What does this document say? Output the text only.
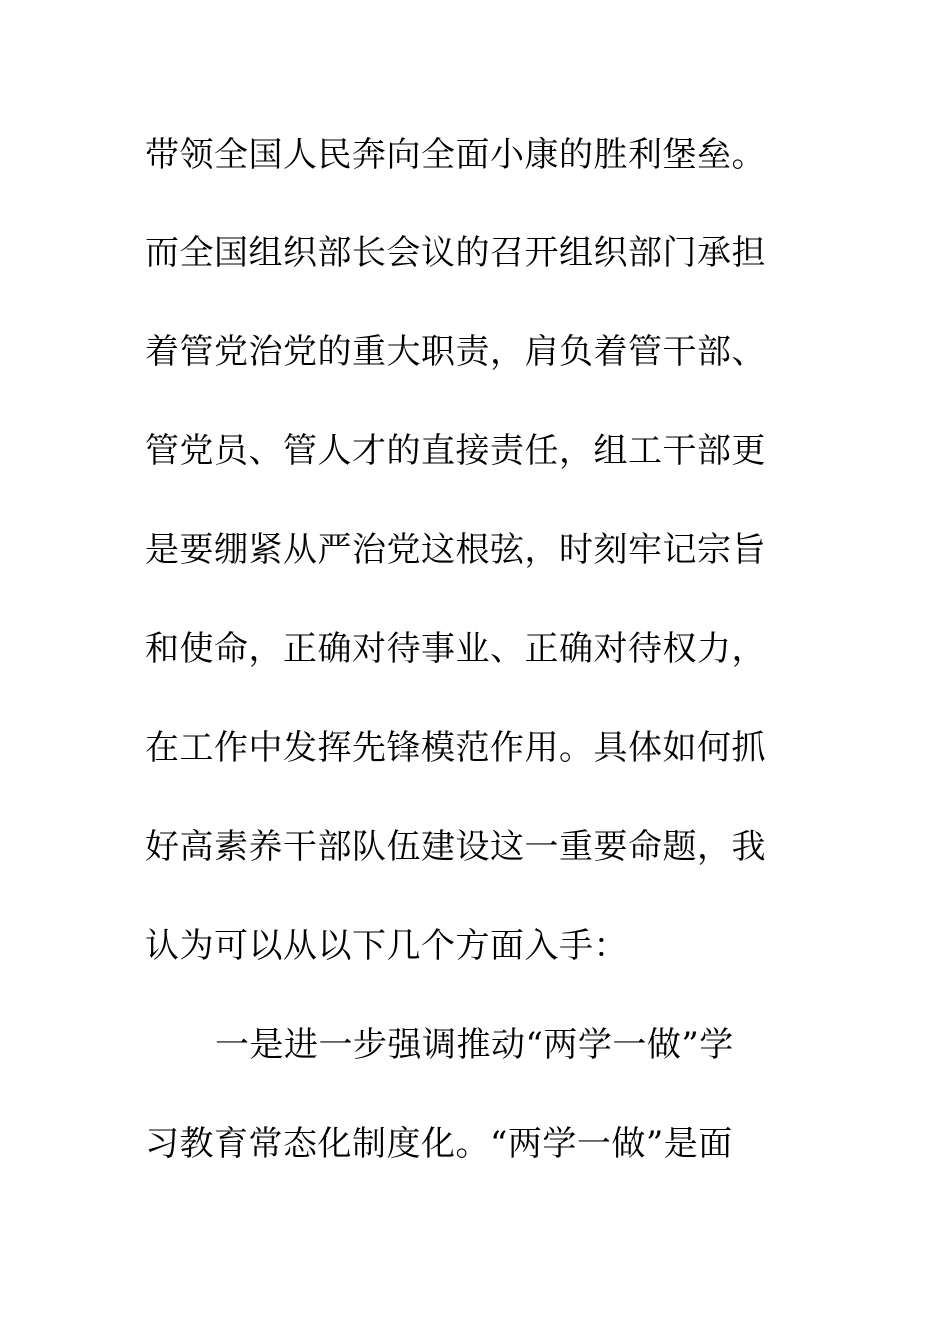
带领全国人民奔向全面小康的胜利堡垒。
而全国组织部长会议的召开组织部门承担
着管党治党的重大职责，肩负着管干部、
管党员、管人才的直接责任，组工干部更
是要绷紧从严治党这根弦，时刻牢记宗旨
和使命，正确对待事业、正确对待权力，
在工作中发挥先锋模范作用。具体如何抓
好高素养干部队伍建设这一重要命题，我
认为可以从以下几个方面入手：
一是进一步强调推动“两学一做”学
习教育常态化制度化。“两学一做”是面
